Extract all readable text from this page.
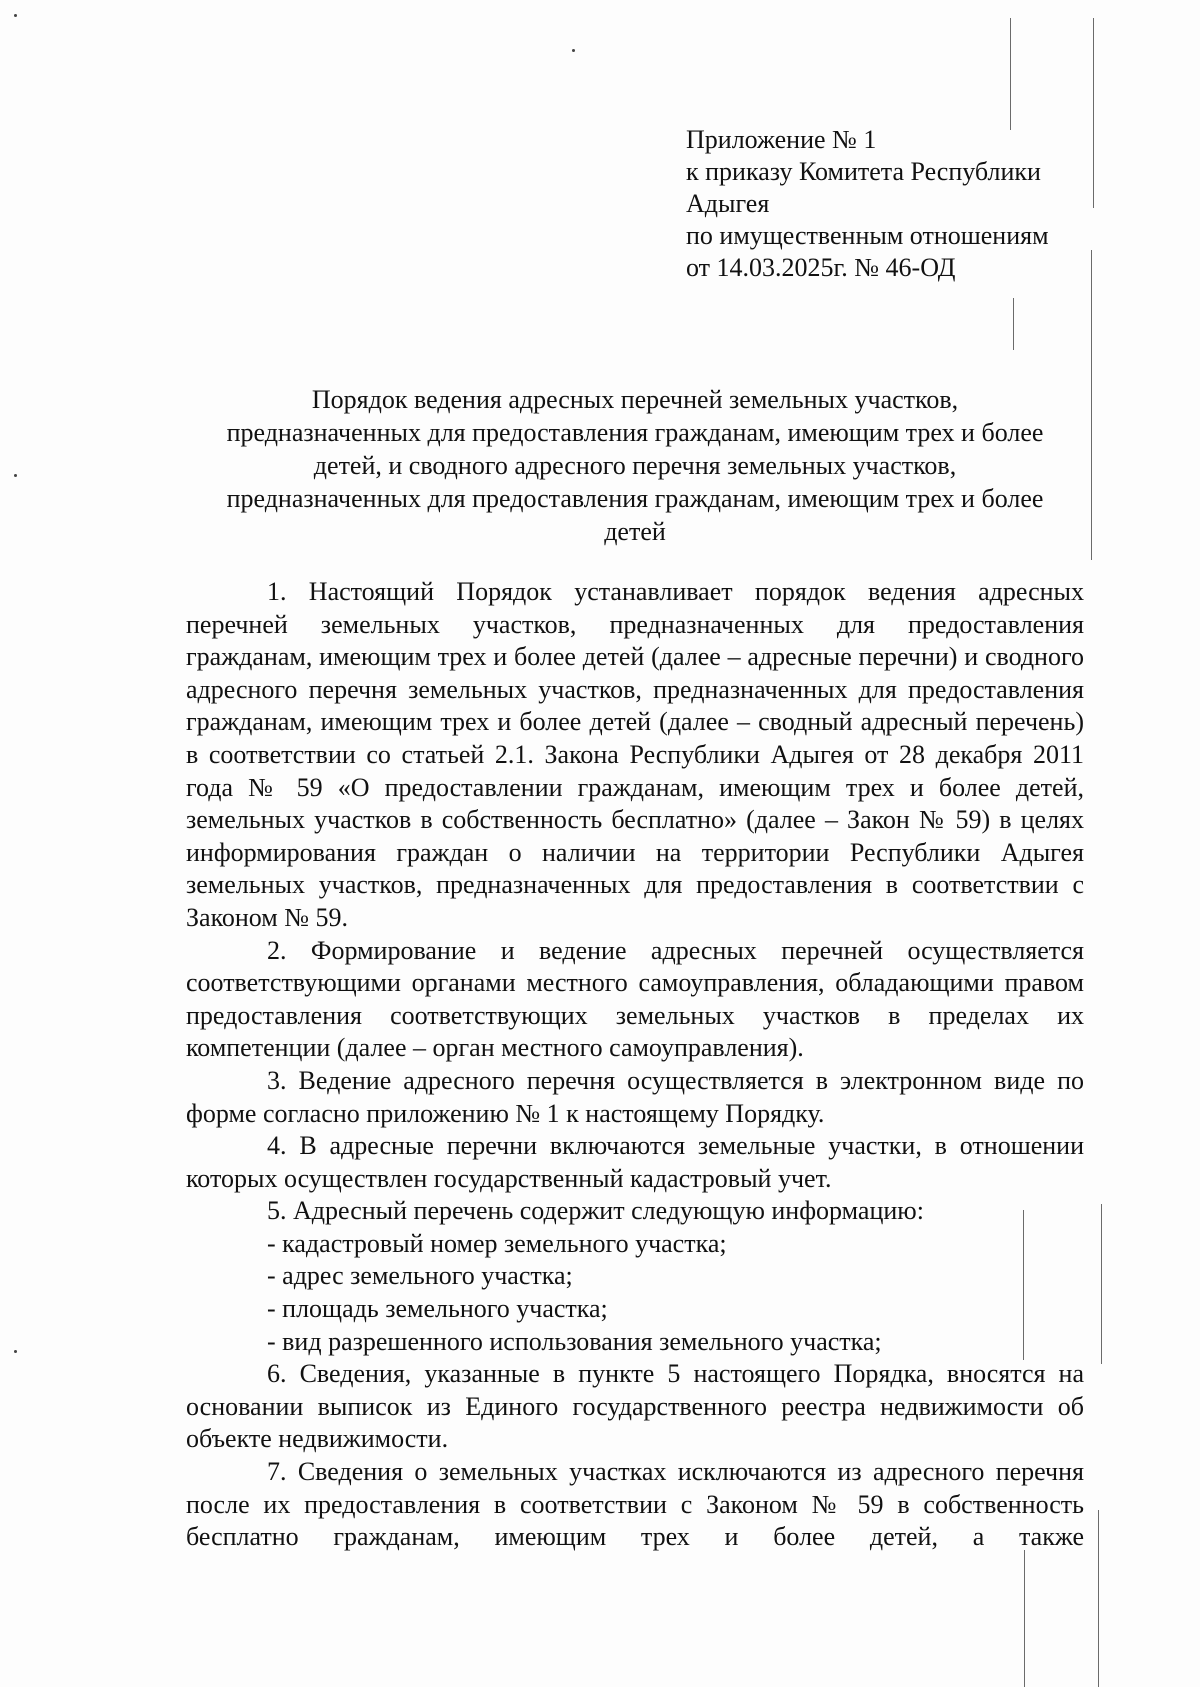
Приложение № 1
к приказу Комитета Республики
Адыгея
по имущественным отношениям
от 14.03.2025г. № 46-ОД
Порядок ведения адресных перечней земельных участков,
предназначенных для предоставления гражданам, имеющим трех и более
детей, и сводного адресного перечня земельных участков,
предназначенных для предоставления гражданам, имеющим трех и более
детей

1. Настоящий Порядок устанавливает порядок ведения адресных перечней земельных участков, предназначенных для предоставления гражданам, имеющим трех и более детей (далее – адресные перечни) и сводного адресного перечня земельных участков, предназначенных для предоставления гражданам, имеющим трех и более детей (далее – сводный адресный перечень) в соответствии со статьей 2.1. Закона Республики Адыгея от 28 декабря 2011 года № 59 «О предоставлении гражданам, имеющим трех и более детей, земельных участков в собственность бесплатно» (далее – Закон № 59) в целях информирования граждан о наличии на территории Республики Адыгея земельных участков, предназначенных для предоставления в соответствии с Законом № 59.

2. Формирование и ведение адресных перечней осуществляется соответствующими органами местного самоуправления, обладающими правом предоставления соответствующих земельных участков в пределах их компетенции (далее – орган местного самоуправления).

3. Ведение адресного перечня осуществляется в электронном виде по форме согласно приложению № 1 к настоящему Порядку.

4. В адресные перечни включаются земельные участки, в отношении которых осуществлен государственный кадастровый учет.

5. Адресный перечень содержит следующую информацию:

- кадастровый номер земельного участка;

- адрес земельного участка;

- площадь земельного участка;

- вид разрешенного использования земельного участка;

6. Сведения, указанные в пункте 5 настоящего Порядка, вносятся на основании выписок из Единого государственного реестра недвижимости об объекте недвижимости.

7. Сведения о земельных участках исключаются из адресного перечня после их предоставления в соответствии с Законом № 59 в собственность бесплатно гражданам, имеющим трех и более детей, а также
